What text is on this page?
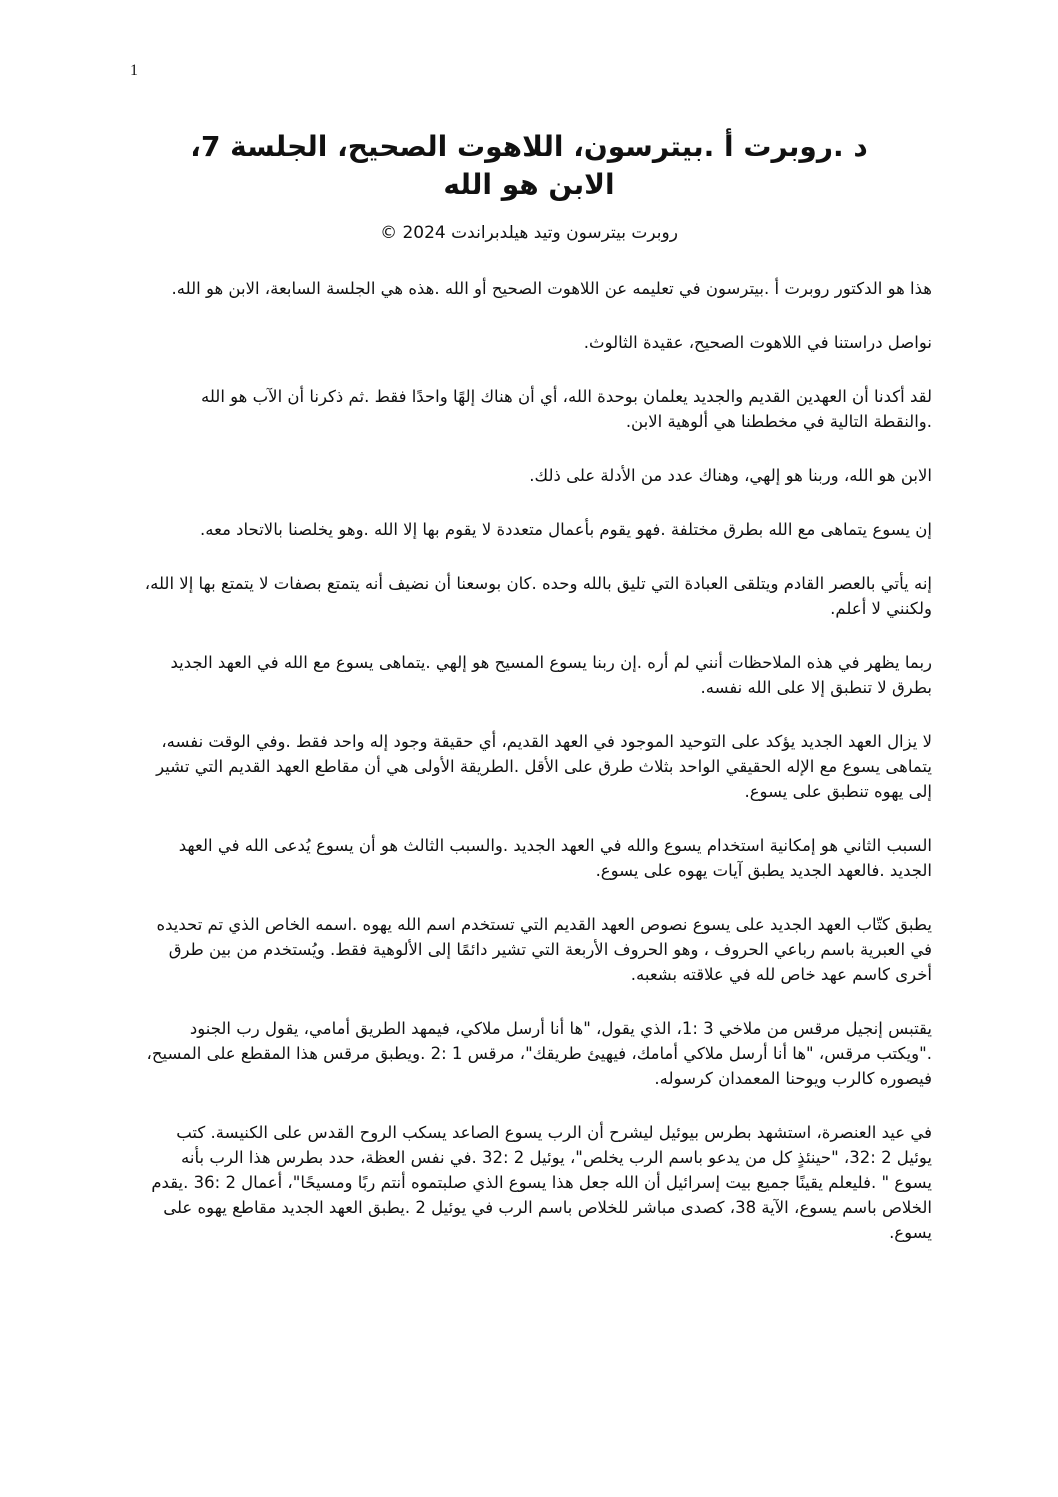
1
د .روبرت أ .بيترسون، اللاهوت الصحيح، الجلسة 7،
الابن هو الله
روبرت بيترسون وتيد هيلدبراندت 2024 ©

هذا هو الدكتور روبرت أ .بيترسون في تعليمه عن اللاهوت الصحيح أو الله .هذه هي الجلسة السابعة، الابن هو الله.

نواصل دراستنا في اللاهوت الصحيح، عقيدة الثالوث.

لقد أكدنا أن العهدين القديم والجديد يعلمان بوحدة الله، أي أن هناك إلهًا واحدًا فقط .ثم ذكرنا أن الآب هو الله .والنقطة التالية في مخططنا هي ألوهية الابن.

الابن هو الله، وربنا هو إلهي، وهناك عدد من الأدلة على ذلك.

إن يسوع يتماهى مع الله بطرق مختلفة .فهو يقوم بأعمال متعددة لا يقوم بها إلا الله .وهو يخلصنا بالاتحاد معه.

إنه يأتي بالعصر القادم ويتلقى العبادة التي تليق بالله وحده .كان بوسعنا أن نضيف أنه يتمتع بصفات لا يتمتع بها إلا الله، ولكنني لا أعلم.

ربما يظهر في هذه الملاحظات أنني لم أره .إن ربنا يسوع المسيح هو إلهي .يتماهى يسوع مع الله في العهد الجديد بطرق لا تنطبق إلا على الله نفسه.

لا يزال العهد الجديد يؤكد على التوحيد الموجود في العهد القديم، أي حقيقة وجود إله واحد فقط .وفي الوقت نفسه، يتماهى يسوع مع الإله الحقيقي الواحد بثلاث طرق على الأقل .الطريقة الأولى هي أن مقاطع العهد القديم التي تشير إلى يهوه تنطبق على يسوع.

السبب الثاني هو إمكانية استخدام يسوع والله في العهد الجديد .والسبب الثالث هو أن يسوع يُدعى الله في العهد الجديد .فالعهد الجديد يطبق آيات يهوه على يسوع.

يطبق كتّاب العهد الجديد على يسوع نصوص العهد القديم التي تستخدم اسم الله يهوه .اسمه الخاص الذي تم تحديده في العبرية باسم رباعي الحروف ، وهو الحروف الأربعة التي تشير دائمًا إلى الألوهية فقط. ويُستخدم من بين طرق أخرى كاسم عهد خاص لله في علاقته بشعبه.

يقتبس إنجيل مرقس من ملاخي 3 :1، الذي يقول، "ها أنا أرسل ملاكي، فيمهد الطريق أمامي، يقول رب الجنود ."ويكتب مرقس، "ها أنا أرسل ملاكي أمامك، فيهيئ طريقك"، مرقس 1 :2 .ويطبق مرقس هذا المقطع على المسيح، فيصوره كالرب ويوحنا المعمدان كرسوله.

في عيد العنصرة، استشهد بطرس بيوئيل ليشرح أن الرب يسوع الصاعد يسكب الروح القدس على الكنيسة. كتب يوئيل 2 :32، "حينئذٍ كل من يدعو باسم الرب يخلص"، يوئيل 2 :32 .في نفس العظة، حدد بطرس هذا الرب بأنه يسوع " .فليعلم يقينًا جميع بيت إسرائيل أن الله جعل هذا يسوع الذي صلبتموه أنتم ربًا ومسيحًا"، أعمال 2 :36 .يقدم الخلاص باسم يسوع، الآية 38، كصدى مباشر للخلاص باسم الرب في يوئيل 2 .يطبق العهد الجديد مقاطع يهوه على يسوع.
